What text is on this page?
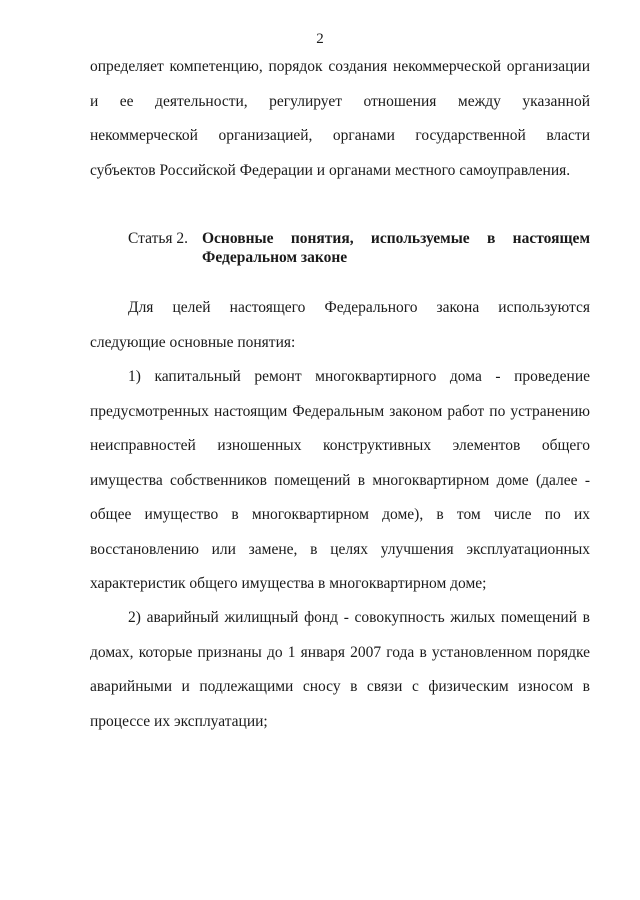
2

определяет компетенцию, порядок создания некоммерческой организации и ее деятельности, регулирует отношения между указанной некоммерческой организацией, органами государственной власти субъектов Российской Федерации и органами местного самоуправления.

Статья 2. Основные понятия, используемые в настоящем
Федеральном законе

Для целей настоящего Федерального закона используются следующие основные понятия:

1) капитальный ремонт многоквартирного дома - проведение предусмотренных настоящим Федеральным законом работ по устранению неисправностей изношенных конструктивных элементов общего имущества собственников помещений в многоквартирном доме (далее - общее имущество в многоквартирном доме), в том числе по их восстановлению или замене, в целях улучшения эксплуатационных характеристик общего имущества в многоквартирном доме;

2) аварийный жилищный фонд - совокупность жилых помещений в домах, которые признаны до 1 января 2007 года в установленном порядке аварийными и подлежащими сносу в связи с физическим износом в процессе их эксплуатации;
